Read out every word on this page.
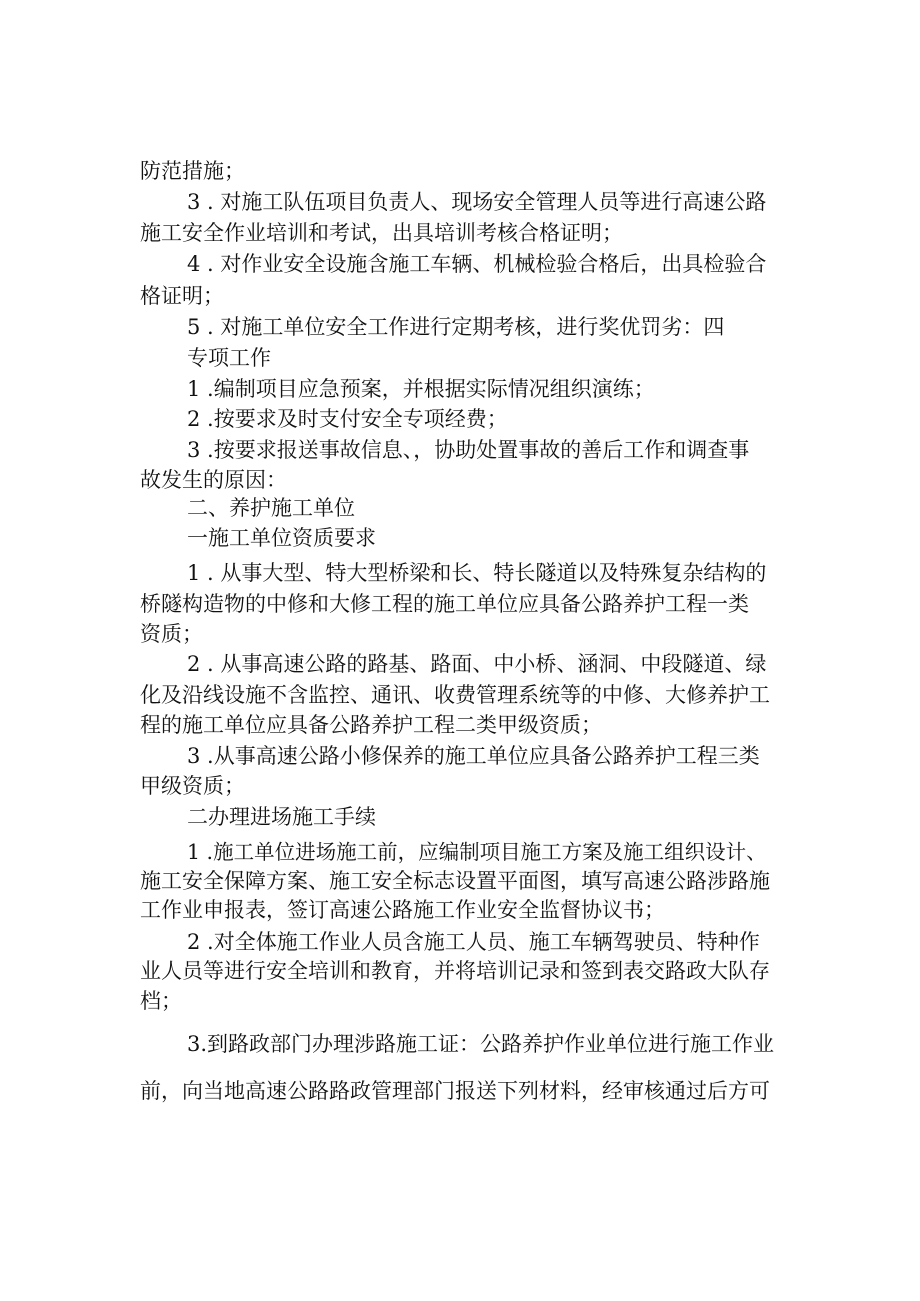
防范措施；
3 . 对施工队伍项目负责人、现场安全管理人员等进行高速公路
施工安全作业培训和考试，出具培训考核合格证明；
4 . 对作业安全设施含施工车辆、机械检验合格后，出具检验合
格证明；
5 . 对施工单位安全工作进行定期考核，进行奖优罚劣：四
专项工作
1 .编制项目应急预案，并根据实际情况组织演练；
2 .按要求及时支付安全专项经费；
3 .按要求报送事故信息、，协助处置事故的善后工作和调查事
故发生的原因：
二、养护施工单位
一施工单位资质要求
1 . 从事大型、特大型桥梁和长、特长隧道以及特殊复杂结构的
桥隧构造物的中修和大修工程的施工单位应具备公路养护工程一类
资质；
2 . 从事高速公路的路基、路面、中小桥、涵洞、中段隧道、绿
化及沿线设施不含监控、通讯、收费管理系统等的中修、大修养护工
程的施工单位应具备公路养护工程二类甲级资质；
3 .从事高速公路小修保养的施工单位应具备公路养护工程三类
甲级资质；
二办理进场施工手续
1 .施工单位进场施工前，应编制项目施工方案及施工组织设计、
施工安全保障方案、施工安全标志设置平面图，填写高速公路涉路施
工作业申报表，签订高速公路施工作业安全监督协议书；
2 .对全体施工作业人员含施工人员、施工车辆驾驶员、特种作
业人员等进行安全培训和教育，并将培训记录和签到表交路政大队存
档；
3.到路政部门办理涉路施工证：公路养护作业单位进行施工作业
前，向当地高速公路路政管理部门报送下列材料，经审核通过后方可
